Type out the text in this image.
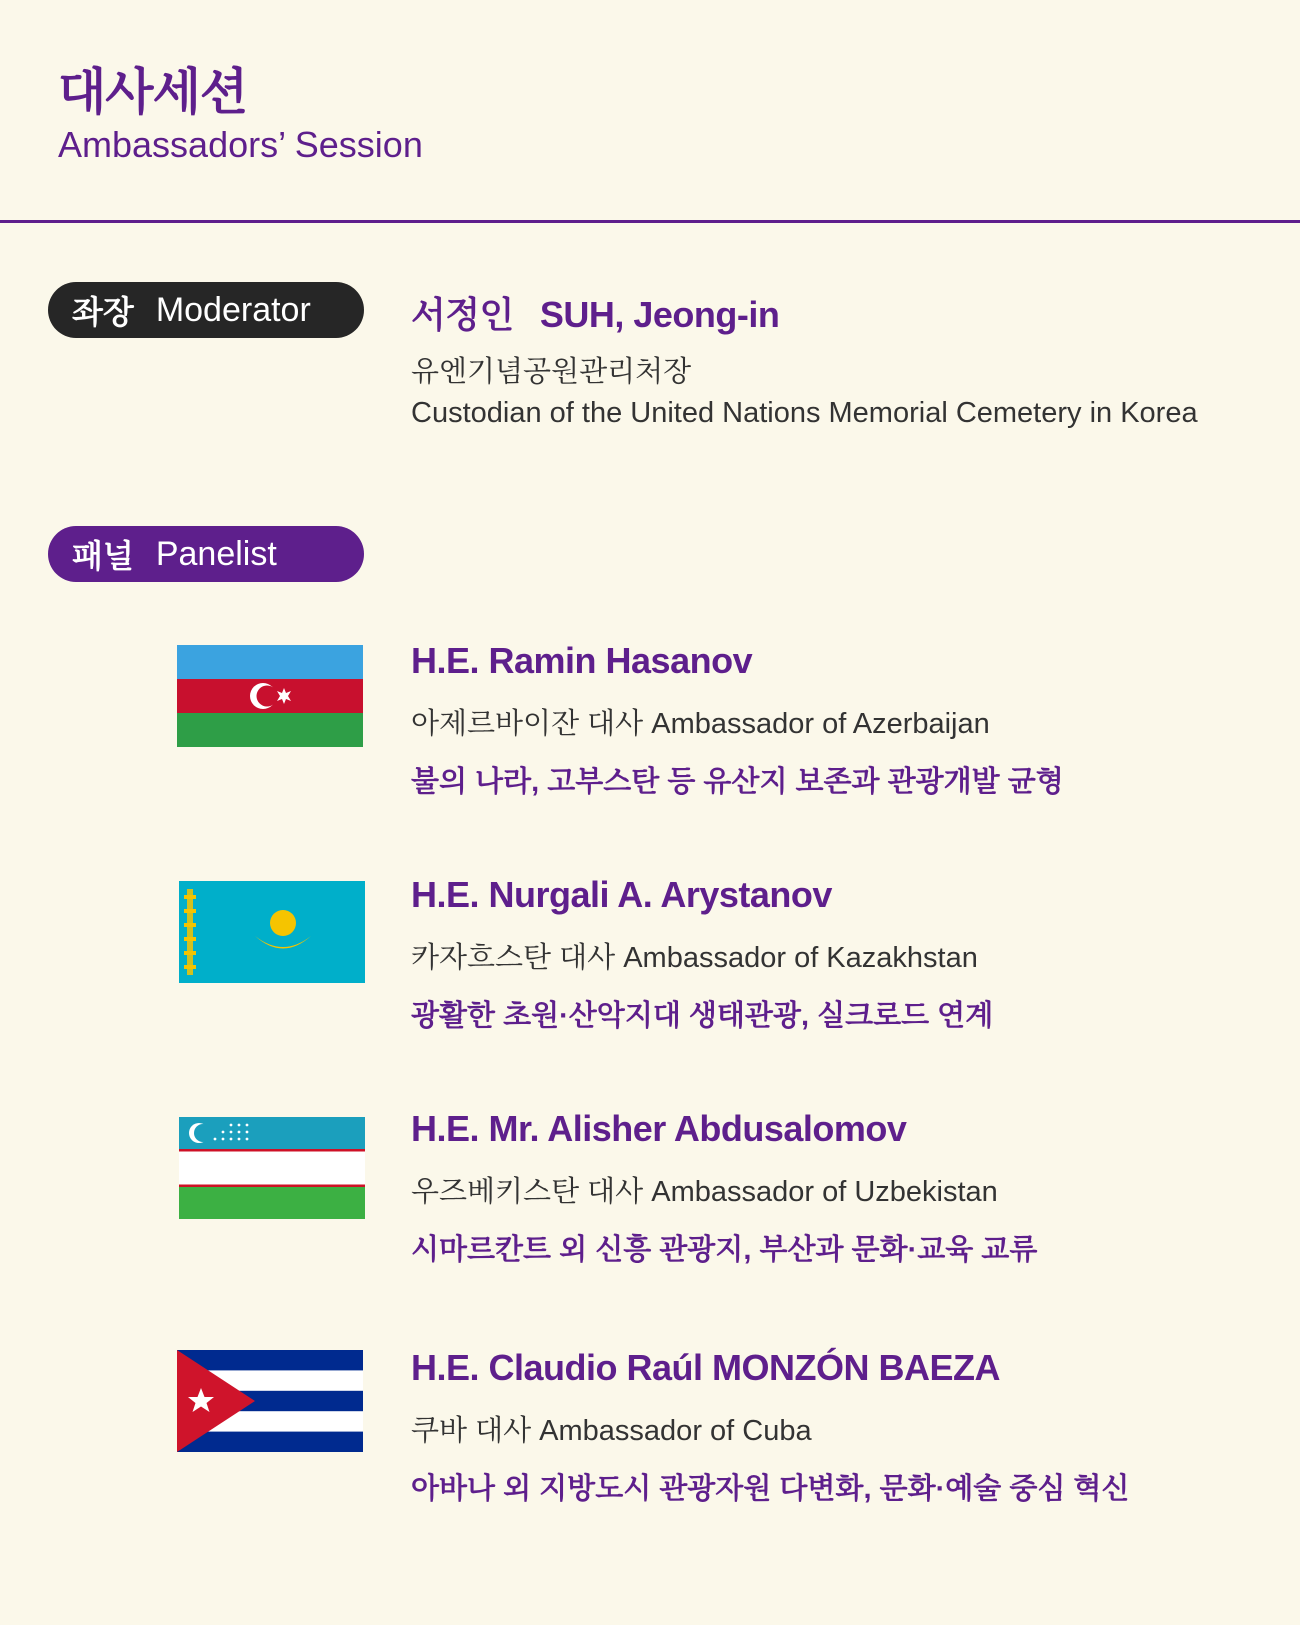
대사세션
Ambassadors’ Session
좌장 Moderator	서정인 SUH, Jeong-in
유엔기념공원관리처장
Custodian of the United Nations Memorial Cemetery in Korea
패널 Panelist
H.E. Ramin Hasanov
아제르바이잔 대사 Ambassador of Azerbaijan
불의 나라, 고부스탄 등 유산지 보존과 관광개발 균형
H.E. Nurgali A. Arystanov
카자흐스탄 대사 Ambassador of Kazakhstan
광활한 초원·산악지대 생태관광, 실크로드 연계
H.E. Mr. Alisher Abdusalomov
우즈베키스탄 대사 Ambassador of Uzbekistan
시마르칸트 외 신흥 관광지, 부산과 문화·교육 교류
H.E. Claudio Raúl MONZÓN BAEZA
쿠바 대사 Ambassador of Cuba
아바나 외 지방도시 관광자원 다변화, 문화·예술 중심 혁신
